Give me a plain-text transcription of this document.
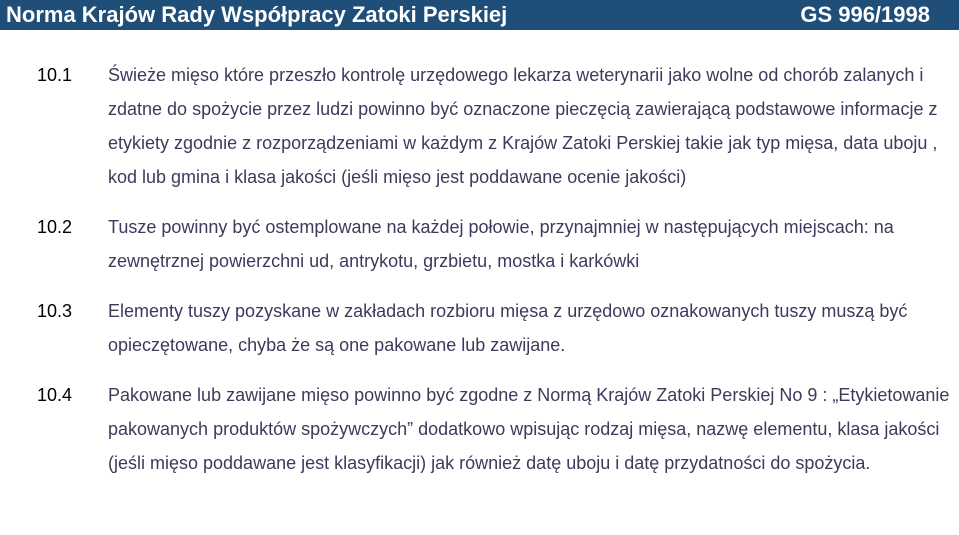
Norma Krajów Rady Współpracy Zatoki Perskiej	GS 996/1998
10.1 Świeże mięso które przeszło kontrolę urzędowego lekarza weterynarii jako wolne od chorób zalanych i zdatne do spożycie przez ludzi powinno być oznaczone pieczęcią zawierającą podstawowe informacje z etykiety zgodnie z rozporządzeniami w każdym z Krajów Zatoki Perskiej takie jak typ mięsa, data uboju , kod lub gmina i klasa jakości (jeśli mięso jest poddawane ocenie jakości)
10.2 Tusze powinny być ostemplowane na każdej połowie, przynajmniej w następujących miejscach: na zewnętrznej powierzchni ud, antrykotu, grzbietu, mostka i karkówki
10.3 Elementy tuszy pozyskane w zakładach rozbioru mięsa z urzędowo oznakowanych tuszy muszą być opieczętowane, chyba że są one pakowane lub zawijane.
10.4 Pakowane lub zawijane mięso powinno być zgodne z Normą Krajów Zatoki Perskiej No 9 : „Etykietowanie pakowanych produktów spożywczych” dodatkowo wpisując rodzaj mięsa, nazwę elementu, klasa jakości (jeśli mięso poddawane jest klasyfikacji) jak również datę uboju i datę przydatności do spożycia.
